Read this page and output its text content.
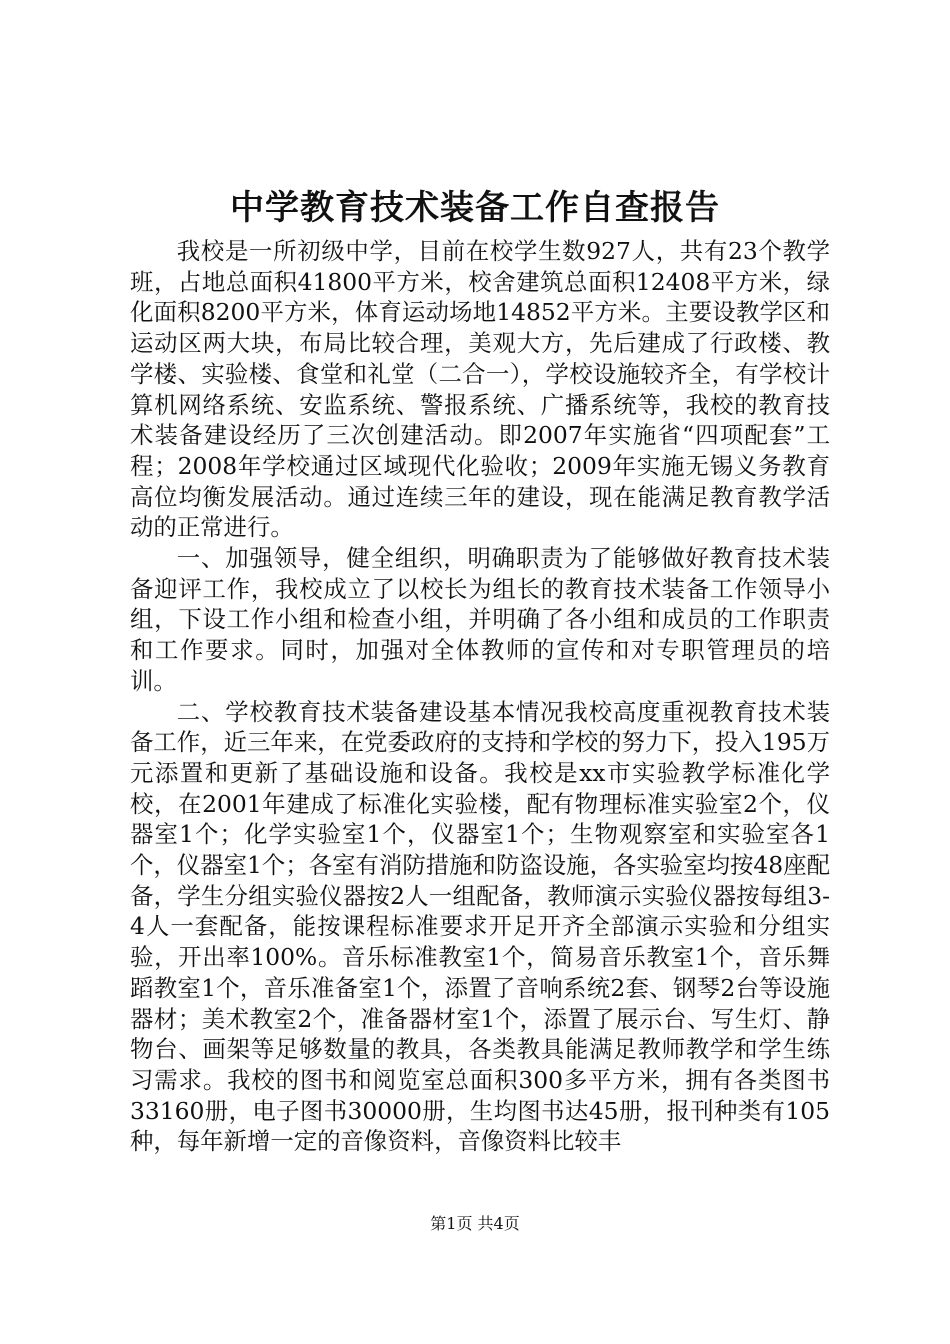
中学教育技术装备工作自查报告

我校是一所初级中学，目前在校学生数927人，共有23个教学班，占地总面积41800平方米，校舍建筑总面积12408平方米，绿化面积8200平方米，体育运动场地14852平方米。主要设教学区和运动区两大块，布局比较合理，美观大方，先后建成了行政楼、教学楼、实验楼、食堂和礼堂（二合一），学校设施较齐全，有学校计算机网络系统、安监系统、警报系统、广播系统等，我校的教育技术装备建设经历了三次创建活动。即2007年实施省“四项配套”工程；2008年学校通过区域现代化验收；2009年实施无锡义务教育高位均衡发展活动。通过连续三年的建设，现在能满足教育教学活动的正常进行。

一、加强领导，健全组织，明确职责为了能够做好教育技术装备迎评工作，我校成立了以校长为组长的教育技术装备工作领导小组，下设工作小组和检查小组，并明确了各小组和成员的工作职责和工作要求。同时，加强对全体教师的宣传和对专职管理员的培训。

二、学校教育技术装备建设基本情况我校高度重视教育技术装备工作，近三年来，在党委政府的支持和学校的努力下，投入195万元添置和更新了基础设施和设备。我校是xx市实验教学标准化学校，在2001年建成了标准化实验楼，配有物理标准实验室2个，仪器室1个；化学实验室1个，仪器室1个；生物观察室和实验室各1个，仪器室1个；各室有消防措施和防盗设施，各实验室均按48座配备，学生分组实验仪器按2人一组配备，教师演示实验仪器按每组3-4人一套配备，能按课程标准要求开足开齐全部演示实验和分组实验，开出率100%。音乐标准教室1个，简易音乐教室1个，音乐舞蹈教室1个，音乐准备室1个，添置了音响系统2套、钢琴2台等设施器材；美术教室2个，准备器材室1个，添置了展示台、写生灯、静物台、画架等足够数量的教具，各类教具能满足教师教学和学生练习需求。我校的图书和阅览室总面积300多平方米，拥有各类图书33160册，电子图书30000册，生均图书达45册，报刊种类有105种，每年新增一定的音像资料，音像资料比较丰

第1页 共4页
